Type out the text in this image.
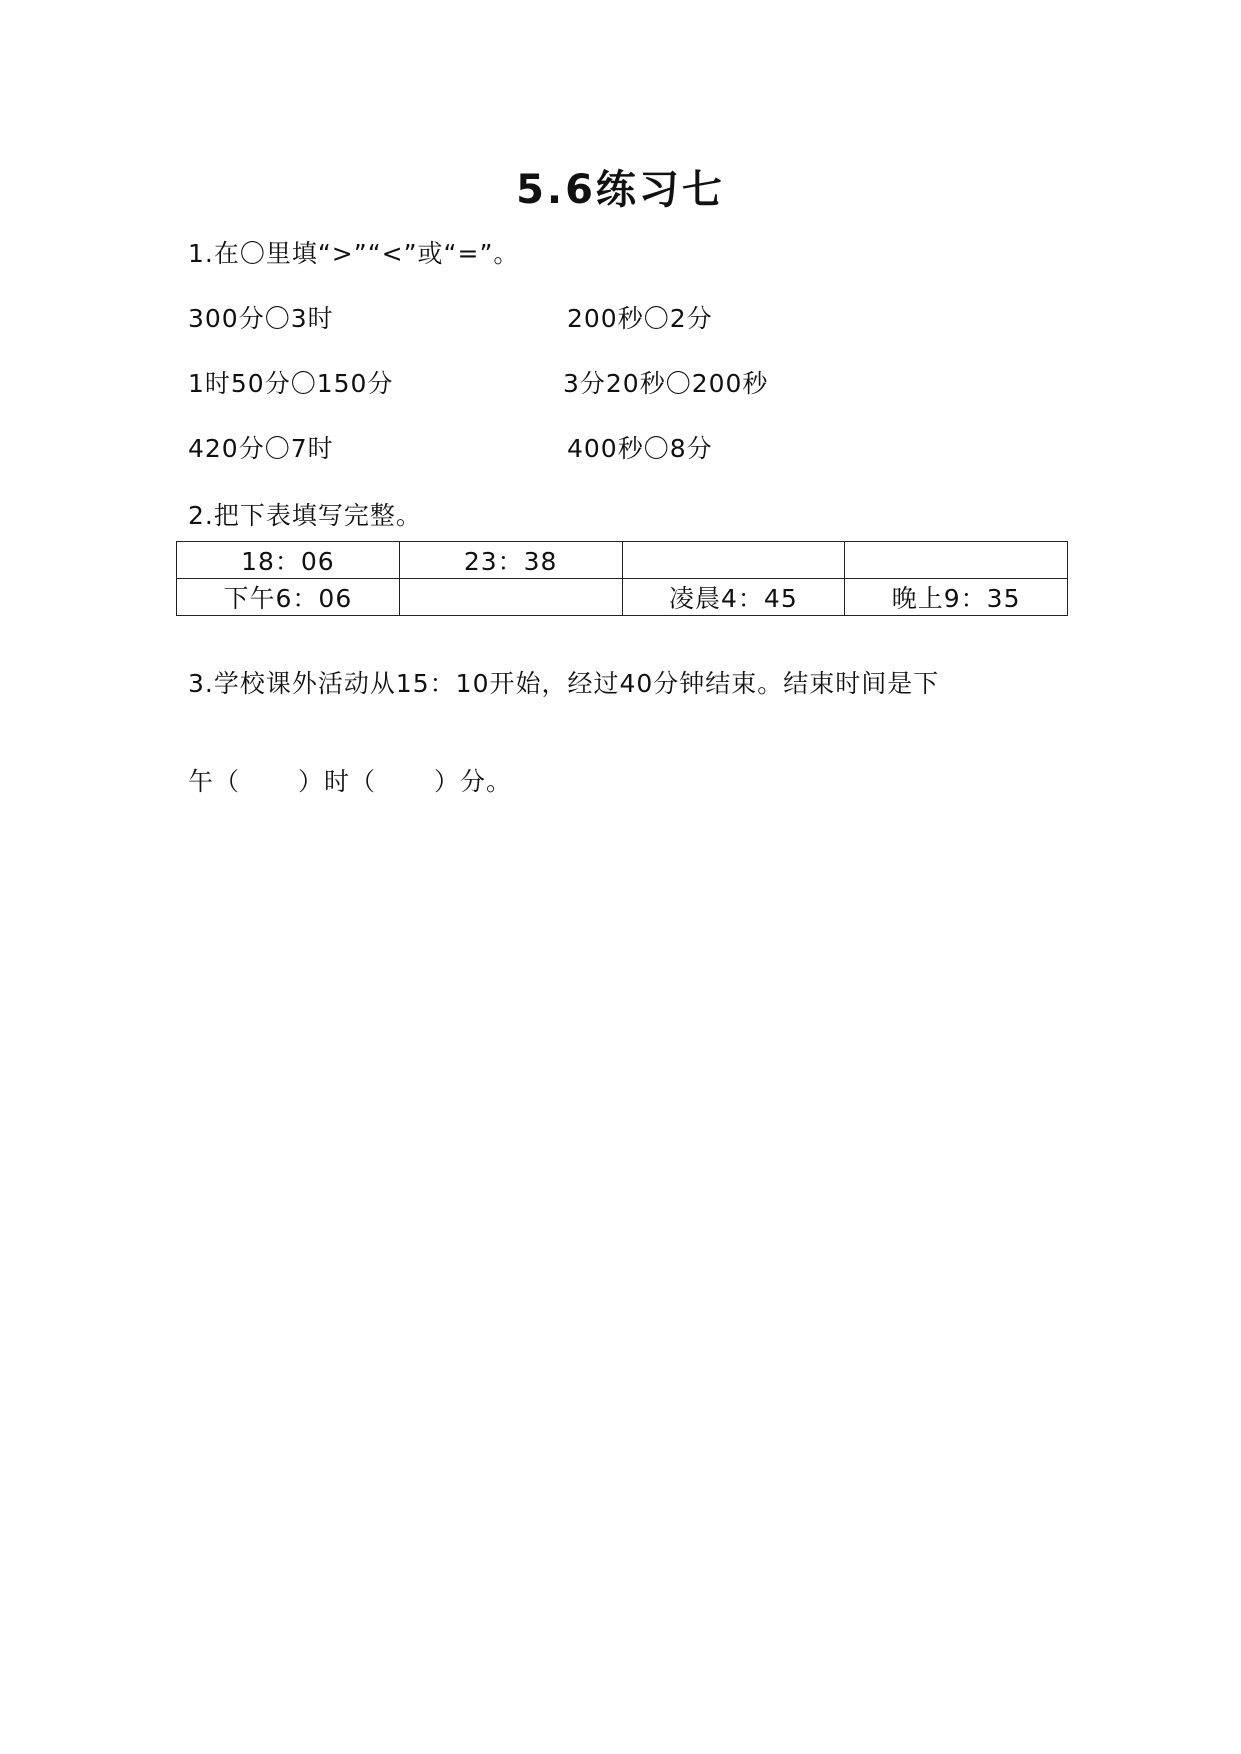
5.6练习七
1.在〇里填“>”“<”或“=”。
300分〇3时	200秒〇2分
1时50分〇150分	3分20秒〇200秒
420分〇7时	400秒〇8分
2.把下表填写完整。
18：06	23：38		
下午6：06		凌晨4：45	晚上9：35
3.学校课外活动从15：10开始，经过40分钟结束。结束时间是下
午（ ）时（ ）分。
